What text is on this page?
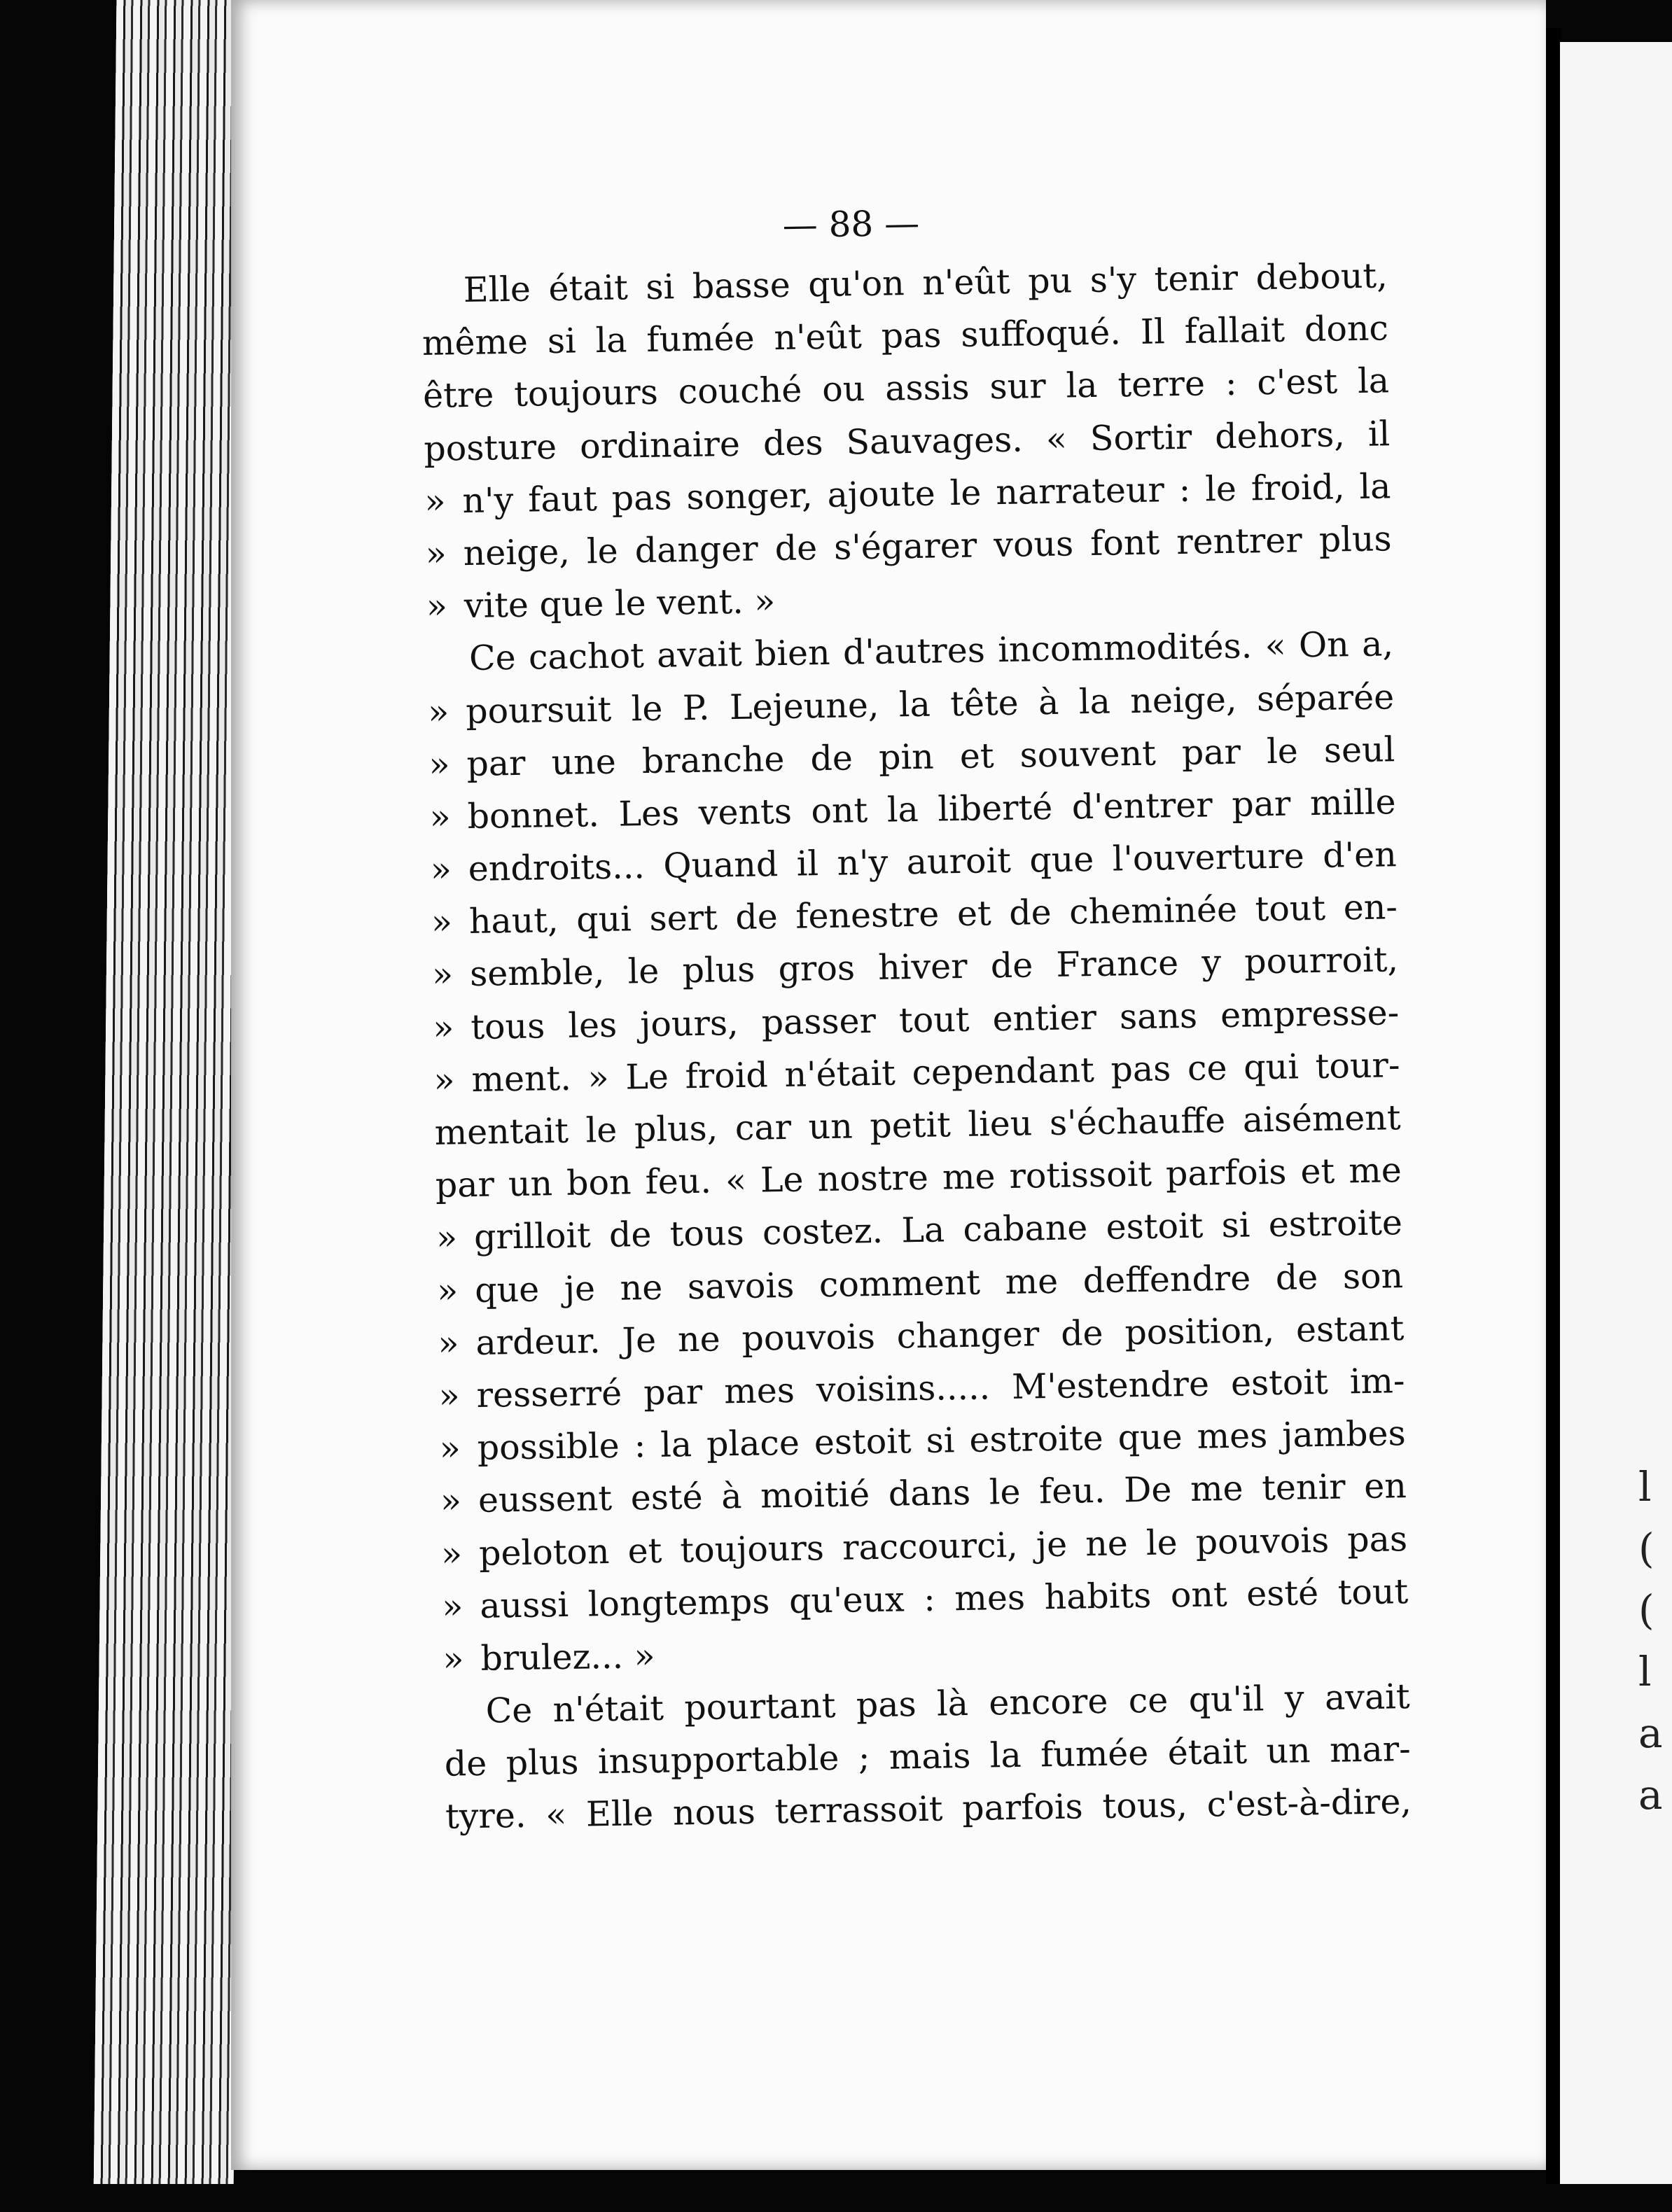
l
(
(
l
a
a
— 88 —
Elle était si basse qu'on n'eût pu s'y tenir debout,
même si la fumée n'eût pas suffoqué. Il fallait donc
être toujours couché ou assis sur la terre : c'est la
posture ordinaire des Sauvages. « Sortir dehors, il
» n'y faut pas songer, ajoute le narrateur : le froid, la
» neige, le danger de s'égarer vous font rentrer plus
» vite que le vent. »
Ce cachot avait bien d'autres incommodités. « On a,
» poursuit le P. Lejeune, la tête à la neige, séparée
» par une branche de pin et souvent par le seul
» bonnet. Les vents ont la liberté d'entrer par mille
» endroits... Quand il n'y auroit que l'ouverture d'en
» haut, qui sert de fenestre et de cheminée tout en-
» semble, le plus gros hiver de France y pourroit,
» tous les jours, passer tout entier sans empresse-
» ment. » Le froid n'était cependant pas ce qui tour-
mentait le plus, car un petit lieu s'échauffe aisément
par un bon feu. « Le nostre me rotissoit parfois et me
» grilloit de tous costez. La cabane estoit si estroite
» que je ne savois comment me deffendre de son
» ardeur. Je ne pouvois changer de position, estant
» resserré par mes voisins..... M'estendre estoit im-
» possible : la place estoit si estroite que mes jambes
» eussent esté à moitié dans le feu. De me tenir en
» peloton et toujours raccourci, je ne le pouvois pas
» aussi longtemps qu'eux : mes habits ont esté tout
» brulez... »
Ce n'était pourtant pas là encore ce qu'il y avait
de plus insupportable ; mais la fumée était un mar-
tyre. « Elle nous terrassoit parfois tous, c'est-à-dire,
